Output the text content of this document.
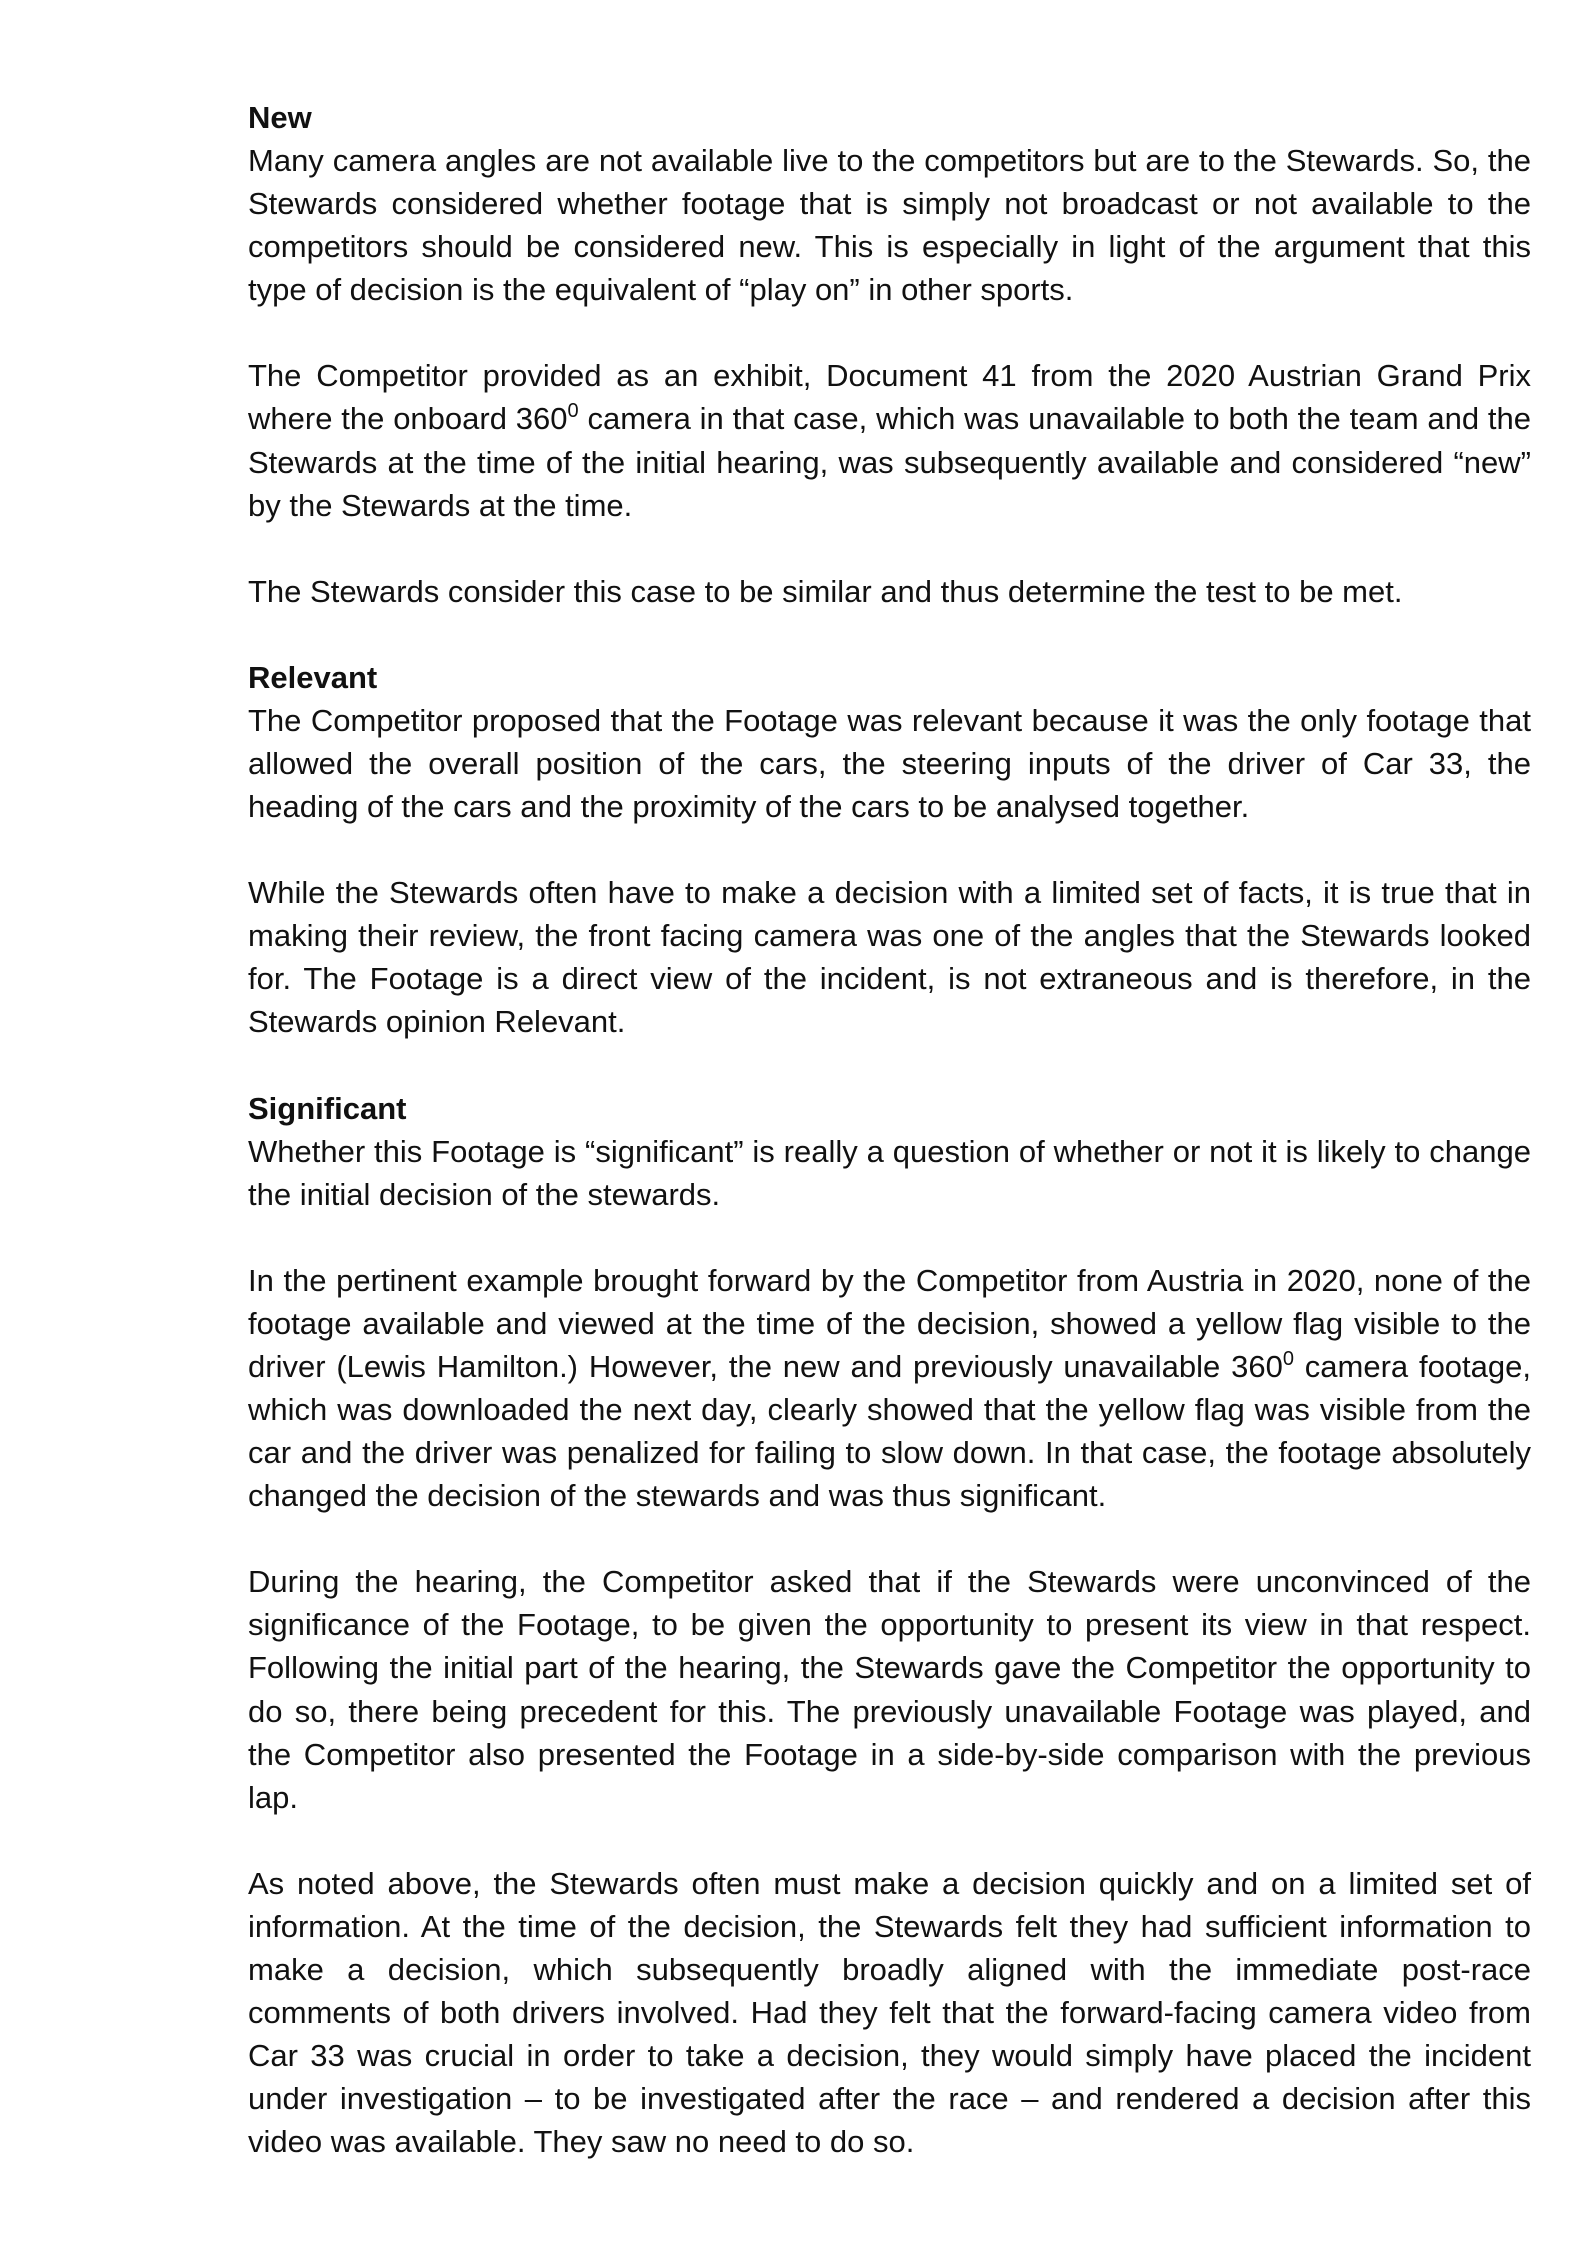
New

Many camera angles are not available live to the competitors but are to the Stewards. So, the Stewards considered whether footage that is simply not broadcast or not available to the competitors should be considered new. This is especially in light of the argument that this type of decision is the equivalent of “play on” in other sports.

The Competitor provided as an exhibit, Document 41 from the 2020 Austrian Grand Prix where the onboard $360^0$ camera in that case, which was unavailable to both the team and the Stewards at the time of the initial hearing, was subsequently available and considered “new” by the Stewards at the time.

The Stewards consider this case to be similar and thus determine the test to be met.

Relevant

The Competitor proposed that the Footage was relevant because it was the only footage that allowed the overall position of the cars, the steering inputs of the driver of Car 33, the heading of the cars and the proximity of the cars to be analysed together.

While the Stewards often have to make a decision with a limited set of facts, it is true that in making their review, the front facing camera was one of the angles that the Stewards looked for. The Footage is a direct view of the incident, is not extraneous and is therefore, in the Stewards opinion Relevant.

Significant

Whether this Footage is “significant” is really a question of whether or not it is likely to change the initial decision of the stewards.

In the pertinent example brought forward by the Competitor from Austria in 2020, none of the footage available and viewed at the time of the decision, showed a yellow flag visible to the driver (Lewis Hamilton.) However, the new and previously unavailable $360^0$ camera footage, which was downloaded the next day, clearly showed that the yellow flag was visible from the car and the driver was penalized for failing to slow down. In that case, the footage absolutely changed the decision of the stewards and was thus significant.

During the hearing, the Competitor asked that if the Stewards were unconvinced of the significance of the Footage, to be given the opportunity to present its view in that respect. Following the initial part of the hearing, the Stewards gave the Competitor the opportunity to do so, there being precedent for this. The previously unavailable Footage was played, and the Competitor also presented the Footage in a side-by-side comparison with the previous lap.

As noted above, the Stewards often must make a decision quickly and on a limited set of information. At the time of the decision, the Stewards felt they had sufficient information to make a decision, which subsequently broadly aligned with the immediate post-race comments of both drivers involved. Had they felt that the forward-facing camera video from Car 33 was crucial in order to take a decision, they would simply have placed the incident under investigation – to be investigated after the race – and rendered a decision after this video was available. They saw no need to do so.
